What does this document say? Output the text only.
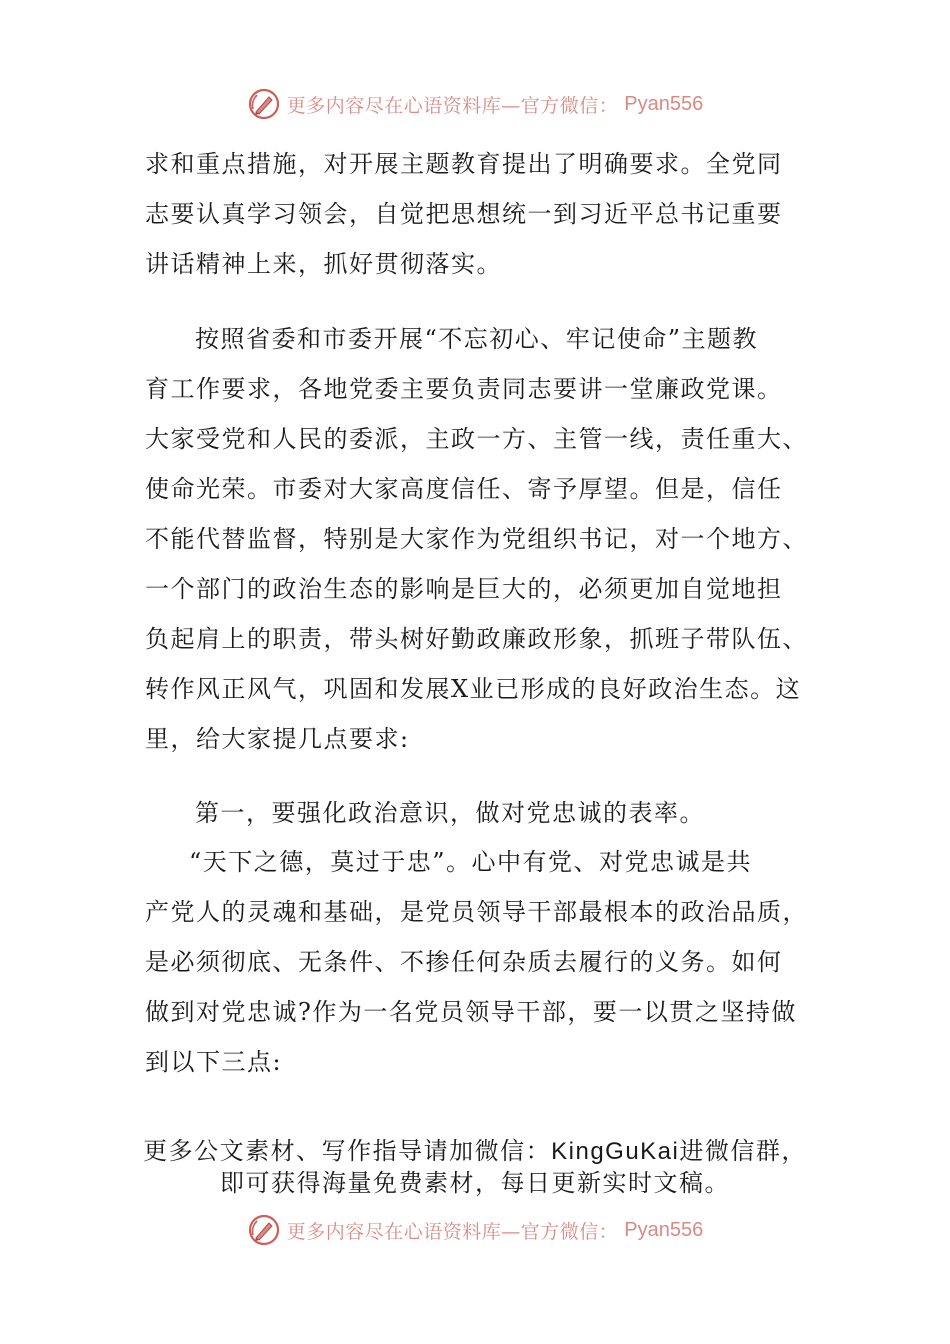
更多内容尽在心语资料库—官方微信： Pyan556
求和重点措施，对开展主题教育提出了明确要求。全党同
志要认真学习领会，自觉把思想统一到习近平总书记重要
讲话精神上来，抓好贯彻落实。
按照省委和市委开展“不忘初心、牢记使命”主题教
育工作要求，各地党委主要负责同志要讲一堂廉政党课。
大家受党和人民的委派，主政一方、主管一线，责任重大、
使命光荣。市委对大家高度信任、寄予厚望。但是，信任
不能代替监督，特别是大家作为党组织书记，对一个地方、
一个部门的政治生态的影响是巨大的，必须更加自觉地担
负起肩上的职责，带头树好勤政廉政形象，抓班子带队伍、
转作风正风气，巩固和发展X业已形成的良好政治生态。这
里，给大家提几点要求:
第一，要强化政治意识，做对党忠诚的表率。
“天下之德，莫过于忠”。心中有党、对党忠诚是共
产党人的灵魂和基础，是党员领导干部最根本的政治品质，
是必须彻底、无条件、不掺任何杂质去履行的义务。如何
做到对党忠诚?作为一名党员领导干部，要一以贯之坚持做
到以下三点:
更多公文素材、写作指导请加微信：KingGuKai进微信群，
即可获得海量免费素材，每日更新实时文稿。
更多内容尽在心语资料库—官方微信： Pyan556
